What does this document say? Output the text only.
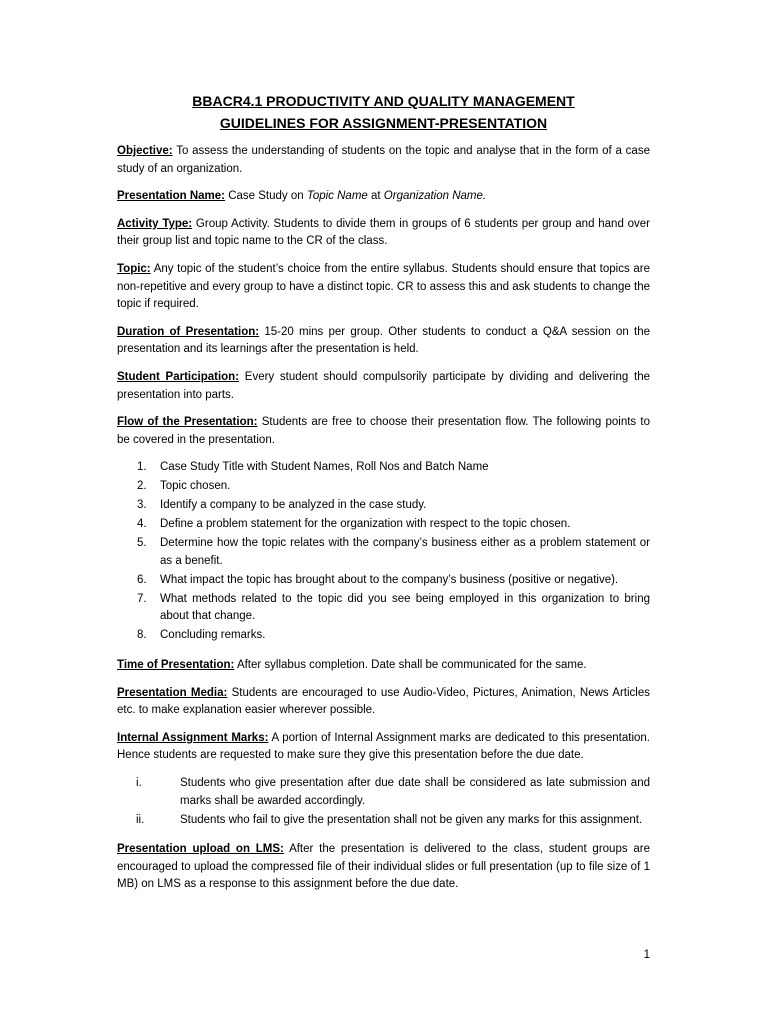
BBACR4.1 PRODUCTIVITY AND QUALITY MANAGEMENT
GUIDELINES FOR ASSIGNMENT-PRESENTATION

Objective: To assess the understanding of students on the topic and analyse that in the form of a case study of an organization.

Presentation Name: Case Study on Topic Name at Organization Name.

Activity Type: Group Activity. Students to divide them in groups of 6 students per group and hand over their group list and topic name to the CR of the class.

Topic: Any topic of the student’s choice from the entire syllabus. Students should ensure that topics are non-repetitive and every group to have a distinct topic. CR to assess this and ask students to change the topic if required.

Duration of Presentation: 15-20 mins per group. Other students to conduct a Q&A session on the presentation and its learnings after the presentation is held.

Student Participation: Every student should compulsorily participate by dividing and delivering the presentation into parts.

Flow of the Presentation: Students are free to choose their presentation flow. The following points to be covered in the presentation.

1. Case Study Title with Student Names, Roll Nos and Batch Name
2. Topic chosen.
3. Identify a company to be analyzed in the case study.
4. Define a problem statement for the organization with respect to the topic chosen.
5. Determine how the topic relates with the company’s business either as a problem statement or as a benefit.
6. What impact the topic has brought about to the company’s business (positive or negative).
7. What methods related to the topic did you see being employed in this organization to bring about that change.
8. Concluding remarks.

Time of Presentation: After syllabus completion. Date shall be communicated for the same.

Presentation Media: Students are encouraged to use Audio-Video, Pictures, Animation, News Articles etc. to make explanation easier wherever possible.

Internal Assignment Marks: A portion of Internal Assignment marks are dedicated to this presentation. Hence students are requested to make sure they give this presentation before the due date.

i.	Students who give presentation after due date shall be considered as late submission and marks shall be awarded accordingly.
ii.	Students who fail to give the presentation shall not be given any marks for this assignment.

Presentation upload on LMS: After the presentation is delivered to the class, student groups are encouraged to upload the compressed file of their individual slides or full presentation (up to file size of 1 MB) on LMS as a response to this assignment before the due date.

1
